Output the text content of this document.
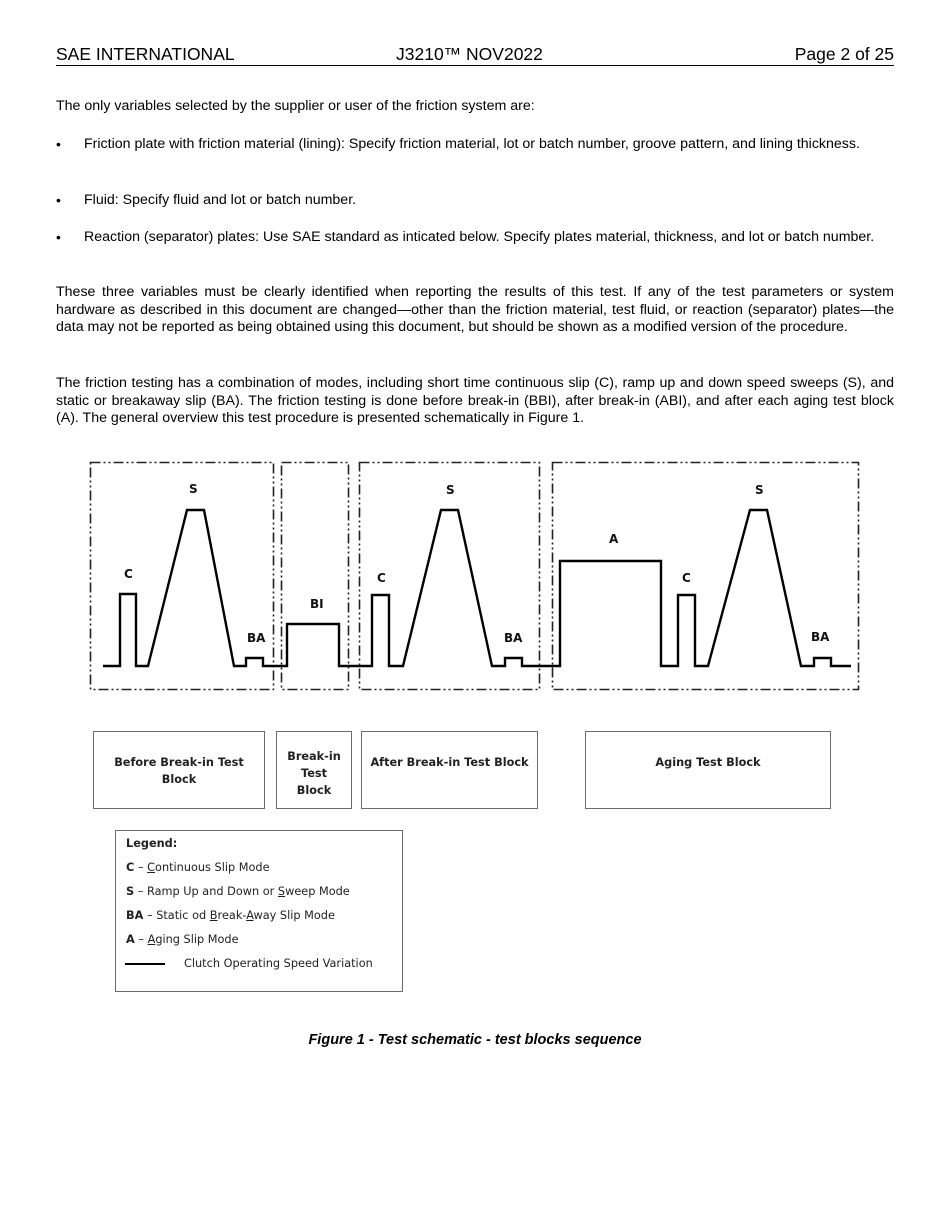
SAE INTERNATIONAL	J3210™ NOV2022	Page 2 of 25
The only variables selected by the supplier or user of the friction system are:
• Friction plate with friction material (lining): Specify friction material, lot or batch number, groove pattern, and lining thickness.
• Fluid: Specify fluid and lot or batch number.
• Reaction (separator) plates: Use SAE standard as inticated below. Specify plates material, thickness, and lot or batch number.
These three variables must be clearly identified when reporting the results of this test. If any of the test parameters or system hardware as described in this document are changed—other than the friction material, test fluid, or reaction (separator) plates—the data may not be reported as being obtained using this document, but should be shown as a modified version of the procedure.
The friction testing has a combination of modes, including short time continuous slip (C), ramp up and down speed sweeps (S), and static or breakaway slip (BA). The friction testing is done before break-in (BBI), after break-in (ABI), and after each aging test block (A). The general overview this test procedure is presented schematically in Figure 1.
C
S
BA
BI
C
S
BA
A
C
S
BA
Before Break-in Test
Block
Break-in
Test
Block
After Break-in Test Block	Aging Test Block
Legend:
C – Continuous Slip Mode
S – Ramp Up and Down or Sweep Mode
BA – Static od Break-Away Slip Mode
A – Aging Slip Mode
Clutch Operating Speed Variation
Figure 1 - Test schematic - test blocks sequence
